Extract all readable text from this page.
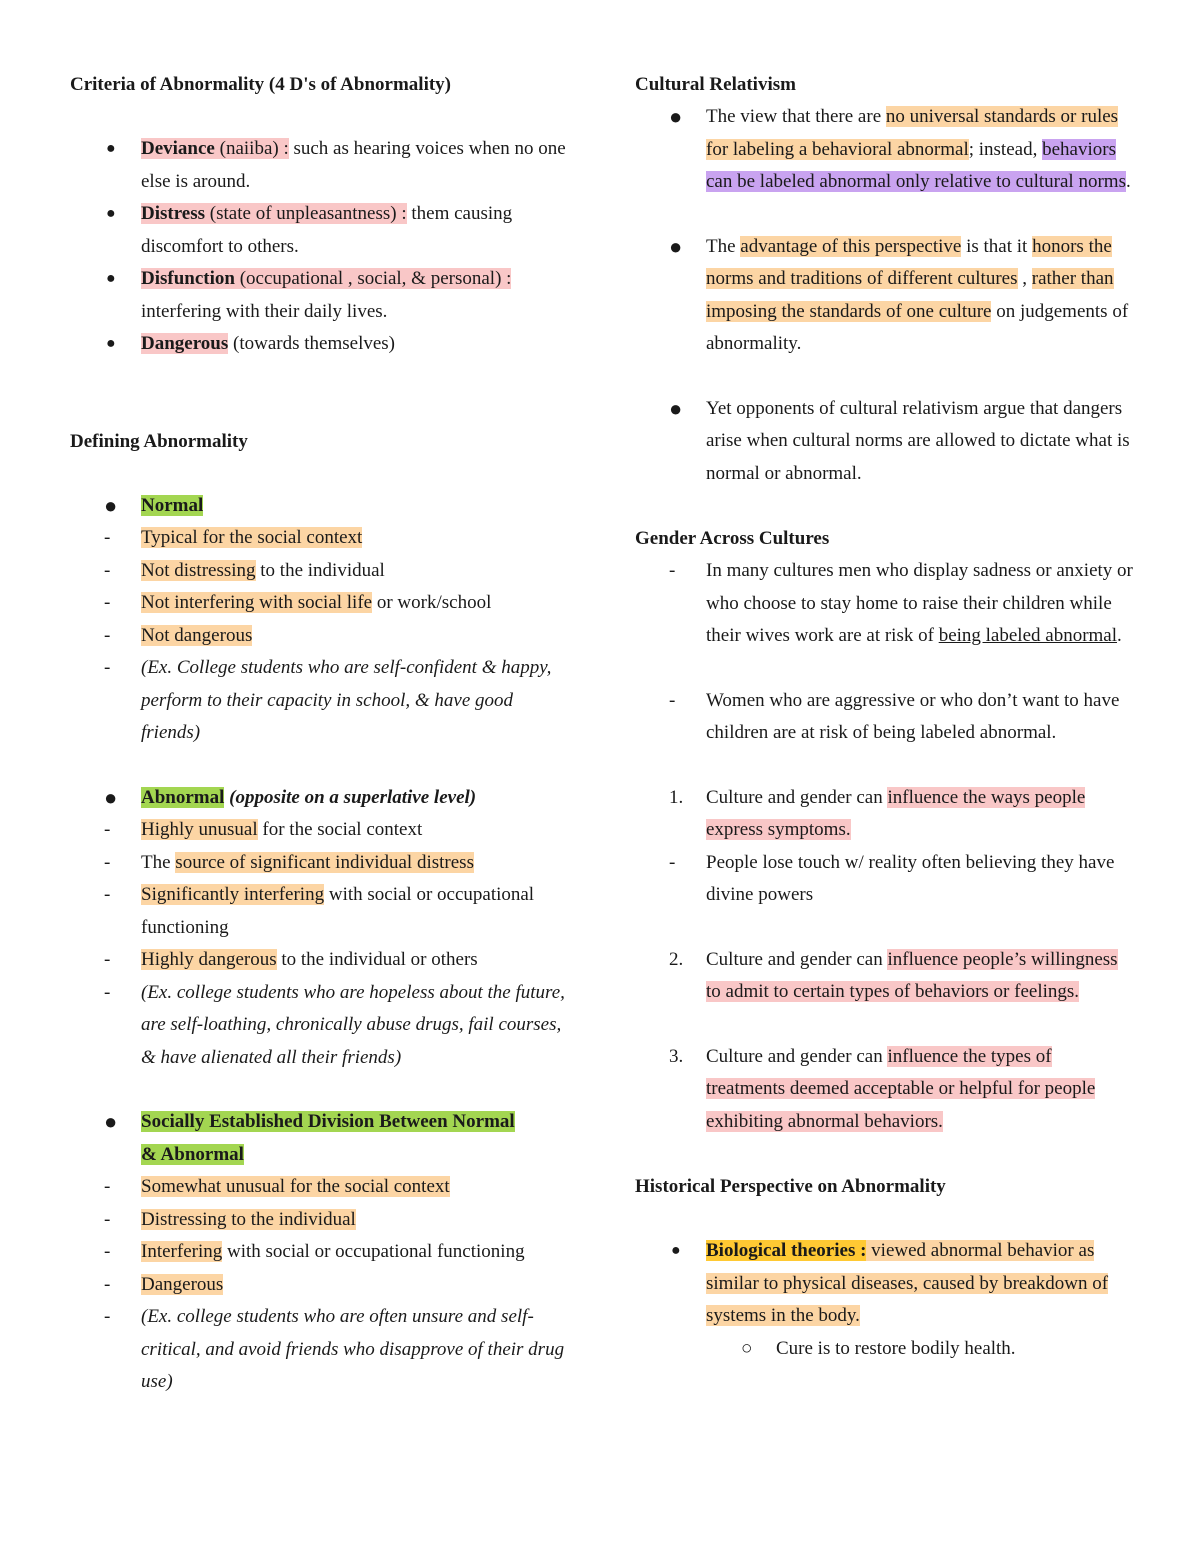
Criteria of Abnormality (4 D's of Abnormality)

● Deviance (naiiba) : such as hearing voices when no one else is around.
● Distress (state of unpleasantness) : them causing discomfort to others.
● Disfunction (occupational , social, & personal) : interfering with their daily lives.
● Dangerous (towards themselves)

Defining Abnormality

● Normal
- Typical for the social context
- Not distressing to the individual
- Not interfering with social life or work/school
- Not dangerous
- (Ex. College students who are self-confident & happy, perform to their capacity in school, & have good friends)
● Abnormal (opposite on a superlative level)
- Highly unusual for the social context
- The source of significant individual distress
- Significantly interfering with social or occupational functioning
- Highly dangerous to the individual or others
- (Ex. college students who are hopeless about the future, are self-loathing, chronically abuse drugs, fail courses, & have alienated all their friends)
● Socially Established Division Between Normal
& Abnormal
- Somewhat unusual for the social context
- Distressing to the individual
- Interfering with social or occupational functioning
- Dangerous
- (Ex. college students who are often unsure and self-critical, and avoid friends who disapprove of their drug use)

Cultural Relativism

● The view that there are no universal standards or rules for labeling a behavioral abnormal; instead, behaviors can be labeled abnormal only relative to cultural norms.
● The advantage of this perspective is that it honors the norms and traditions of different cultures , rather than imposing the standards of one culture on judgements of abnormality.
● Yet opponents of cultural relativism argue that dangers arise when cultural norms are allowed to dictate what is normal or abnormal.

Gender Across Cultures

- In many cultures men who display sadness or anxiety or who choose to stay home to raise their children while their wives work are at risk of being labeled abnormal.
- Women who are aggressive or who don’t want to have children are at risk of being labeled abnormal.
1. Culture and gender can influence the ways people express symptoms.
- People lose touch w/ reality often believing they have divine powers
2. Culture and gender can influence people’s willingness to admit to certain types of behaviors or feelings.
3. Culture and gender can influence the types of treatments deemed acceptable or helpful for people exhibiting abnormal behaviors.

Historical Perspective on Abnormality

● Biological theories : viewed abnormal behavior as similar to physical diseases, caused by breakdown of systems in the body.
○ Cure is to restore bodily health.
